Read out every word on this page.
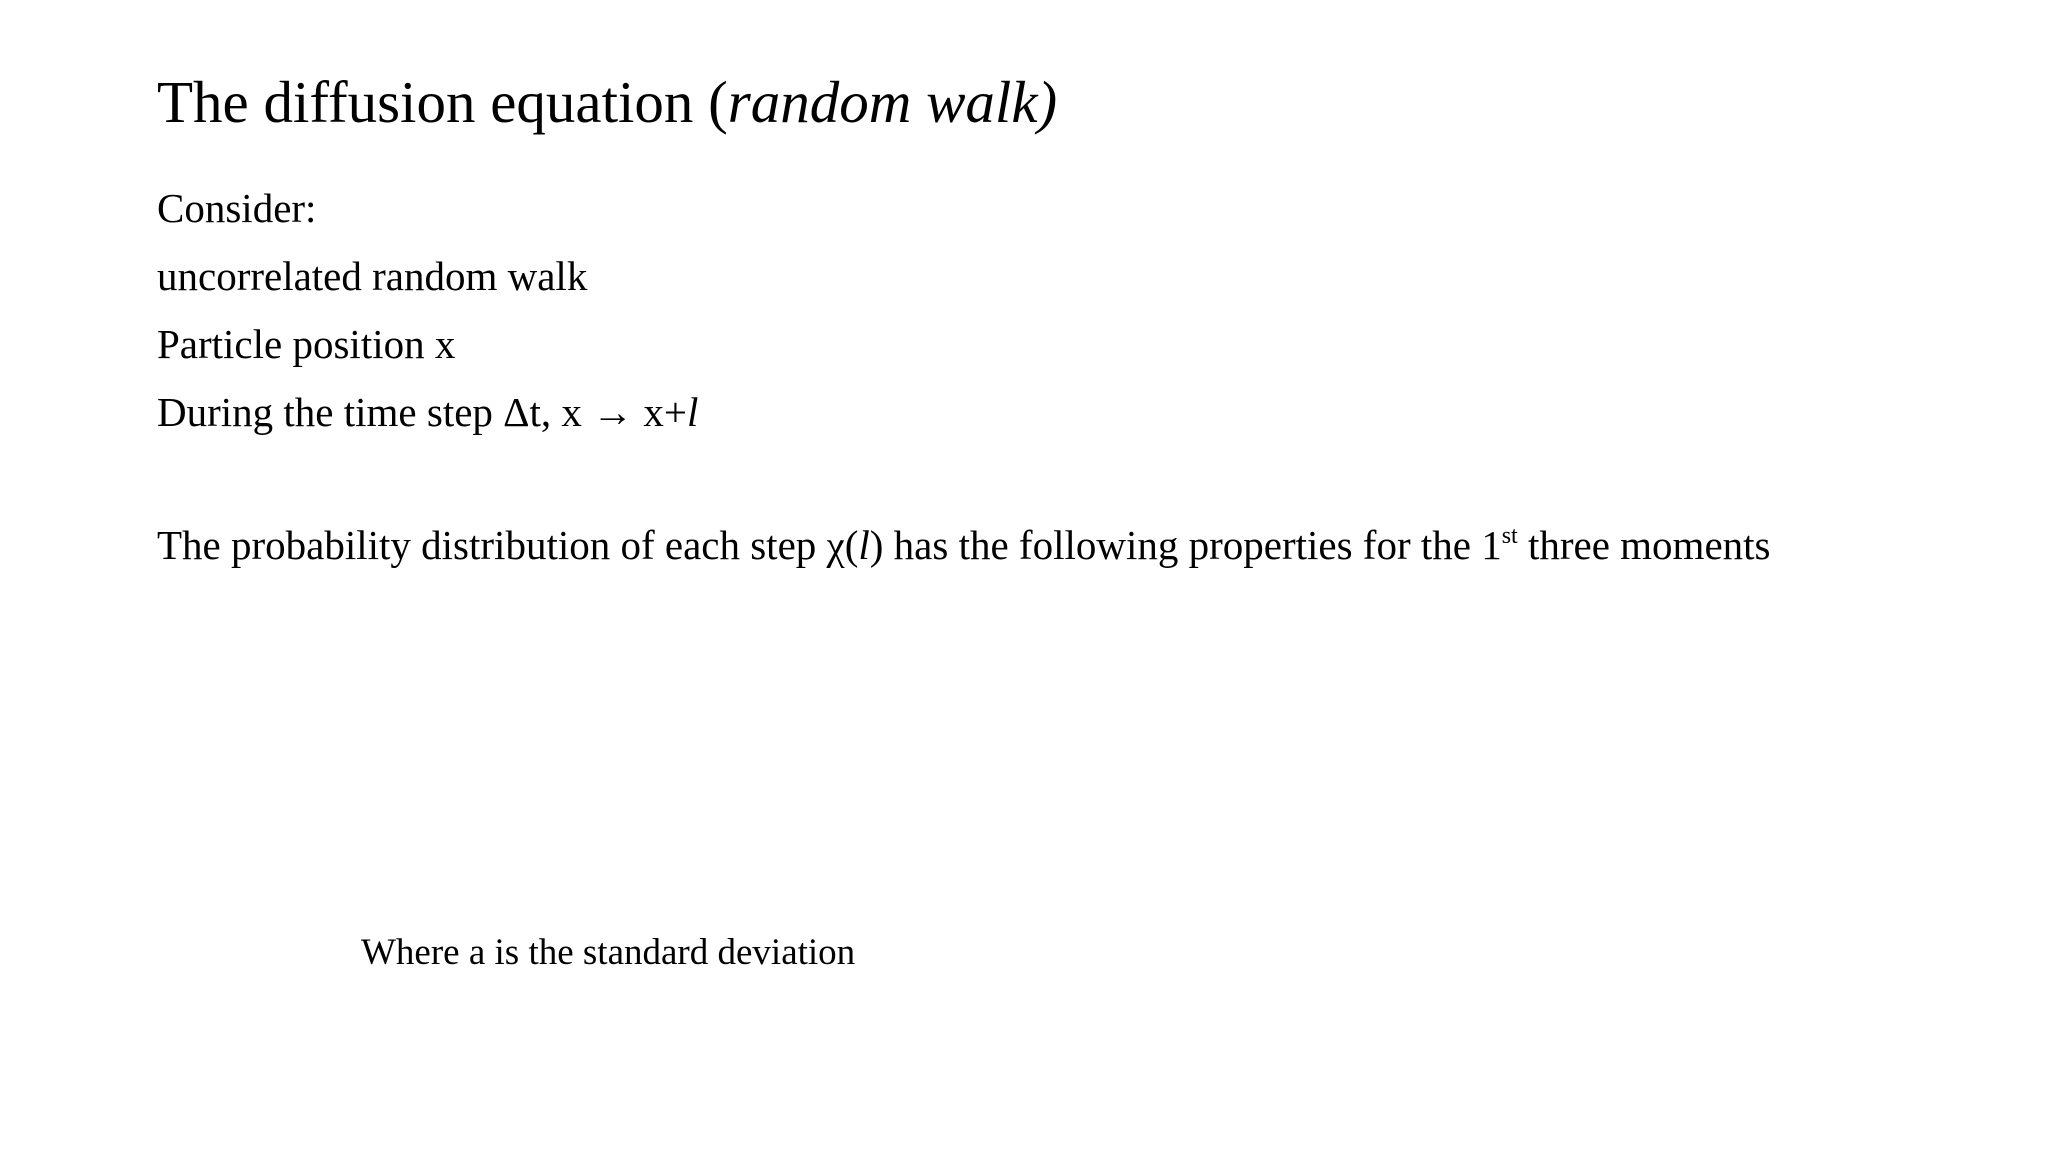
The diffusion equation (random walk)

Consider:

uncorrelated random walk

Particle position x

During the time step Δt, x → x+l

The probability distribution of each step χ(l) has the following properties for the 1st three moments

Where a is the standard deviation
